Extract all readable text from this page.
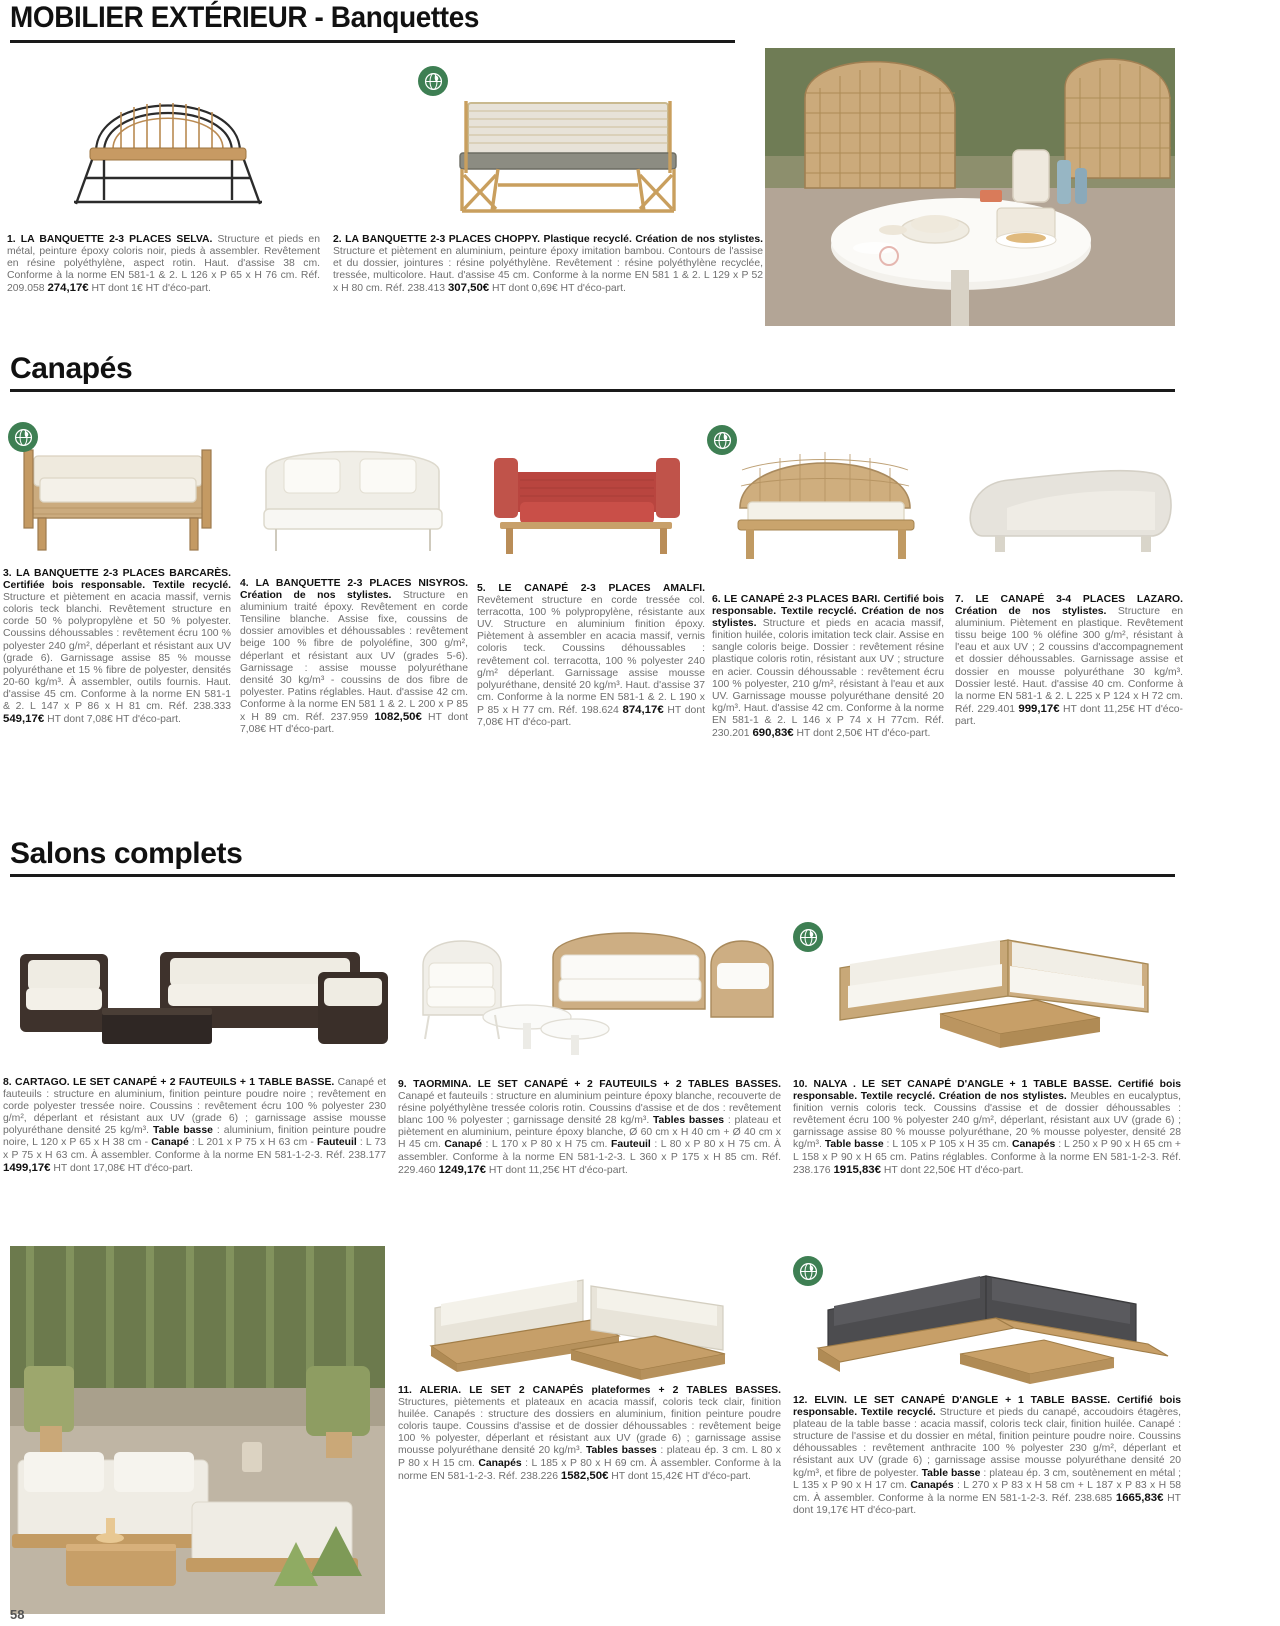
MOBILIER EXTÉRIEUR - Banquettes
1. LA BANQUETTE 2-3 PLACES SELVA. Structure et pieds en métal, peinture époxy coloris noir, pieds à assembler. Revêtement en résine polyéthylène, aspect rotin. Haut. d'assise 38 cm. Conforme à la norme EN 581-1 & 2. L 126 x P 65 x H 76 cm. Réf. 209.058 274,17€ HT dont 1€ HT d'éco-part.
2. LA BANQUETTE 2-3 PLACES CHOPPY. Plastique recyclé. Création de nos stylistes. Structure et piètement en aluminium, peinture époxy imitation bambou. Contours de l'assise et du dossier, jointures : résine polyéthylène. Revêtement : résine polyéthylène recyclée, tressée, multicolore. Haut. d'assise 45 cm. Conforme à la norme EN 581 1 & 2. L 129 x P 52 x H 80 cm. Réf. 238.413 307,50€ HT dont 0,69€ HT d'éco-part.
Canapés
3. LA BANQUETTE 2-3 PLACES BARCARÈS. Certifiée bois responsable. Textile recyclé. Structure et piètement en acacia massif, vernis coloris teck blanchi. Revêtement structure en corde 50 % polypropylène et 50 % polyester. Coussins déhoussables : revêtement écru 100 % polyester 240 g/m², déperlant et résistant aux UV (grade 6). Garnissage assise 85 % mousse polyuréthane et 15 % fibre de polyester, densités 20-60 kg/m³. À assembler, outils fournis. Haut. d'assise 45 cm. Conforme à la norme EN 581-1 & 2. L 147 x P 86 x H 81 cm. Réf. 238.333 549,17€ HT dont 7,08€ HT d'éco-part.
4. LA BANQUETTE 2-3 PLACES NISYROS. Création de nos stylistes. Structure en aluminium traité époxy. Revêtement en corde Tensiline blanche. Assise fixe, coussins de dossier amovibles et déhoussables : revêtement beige 100 % fibre de polyoléfine, 300 g/m², déperlant et résistant aux UV (grades 5-6). Garnissage : assise mousse polyuréthane densité 30 kg/m³ - coussins de dos fibre de polyester. Patins réglables. Haut. d'assise 42 cm. Conforme à la norme EN 581 1 & 2. L 200 x P 85 x H 89 cm. Réf. 237.959 1082,50€ HT dont 7,08€ HT d'éco-part.
5. LE CANAPÉ 2-3 PLACES AMALFI. Revêtement structure en corde tressée col. terracotta, 100 % polypropylène, résistante aux UV. Structure en aluminium finition époxy. Piètement à assembler en acacia massif, vernis coloris teck. Coussins déhoussables : revêtement col. terracotta, 100 % polyester 240 g/m² déperlant. Garnissage assise mousse polyuréthane, densité 20 kg/m³. Haut. d'assise 37 cm. Conforme à la norme EN 581-1 & 2. L 190 x P 85 x H 77 cm. Réf. 198.624 874,17€ HT dont 7,08€ HT d'éco-part.
6. LE CANAPÉ 2-3 PLACES BARI. Certifié bois responsable. Textile recyclé. Création de nos stylistes. Structure et pieds en acacia massif, finition huilée, coloris imitation teck clair. Assise en sangle coloris beige. Dossier : revêtement résine plastique coloris rotin, résistant aux UV ; structure en acier. Coussin déhoussable : revêtement écru 100 % polyester, 210 g/m², résistant à l'eau et aux UV. Garnissage mousse polyuréthane densité 20 kg/m³. Haut. d'assise 42 cm. Conforme à la norme EN 581-1 & 2. L 146 x P 74 x H 77cm. Réf. 230.201 690,83€ HT dont 2,50€ HT d'éco-part.
7. LE CANAPÉ 3-4 PLACES LAZARO. Création de nos stylistes. Structure en aluminium. Piètement en plastique. Revêtement tissu beige 100 % oléfine 300 g/m², résistant à l'eau et aux UV ; 2 coussins d'accompagnement et dossier déhoussables. Garnissage assise et dossier en mousse polyuréthane 30 kg/m³. Dossier lesté. Haut. d'assise 40 cm. Conforme à la norme EN 581-1 & 2. L 225 x P 124 x H 72 cm. Réf. 229.401 999,17€ HT dont 11,25€ HT d'éco-part.
Salons complets
8. CARTAGO. LE SET CANAPÉ + 2 FAUTEUILS + 1 TABLE BASSE. Canapé et fauteuils : structure en aluminium, finition peinture poudre noire ; revêtement en corde polyester tressée noire. Coussins : revêtement écru 100 % polyester 230 g/m², déperlant et résistant aux UV (grade 6) ; garnissage assise mousse polyuréthane densité 25 kg/m³. Table basse : aluminium, finition peinture poudre noire, L 120 x P 65 x H 38 cm - Canapé : L 201 x P 75 x H 63 cm - Fauteuil : L 73 x P 75 x H 63 cm. À assembler. Conforme à la norme EN 581-1-2-3. Réf. 238.177 1499,17€ HT dont 17,08€ HT d'éco-part.
9. TAORMINA. LE SET CANAPÉ + 2 FAUTEUILS + 2 TABLES BASSES. Canapé et fauteuils : structure en aluminium peinture époxy blanche, recouverte de résine polyéthylène tressée coloris rotin. Coussins d'assise et de dos : revêtement blanc 100 % polyester ; garnissage densité 28 kg/m³. Tables basses : plateau et piètement en aluminium, peinture époxy blanche, Ø 60 cm x H 40 cm + Ø 40 cm x H 45 cm. Canapé : L 170 x P 80 x H 75 cm. Fauteuil : L 80 x P 80 x H 75 cm. À assembler. Conforme à la norme EN 581-1-2-3. L 360 x P 175 x H 85 cm. Réf. 229.460 1249,17€ HT dont 11,25€ HT d'éco-part.
10. NALYA . LE SET CANAPÉ D'ANGLE + 1 TABLE BASSE. Certifié bois responsable. Textile recyclé. Création de nos stylistes. Meubles en eucalyptus, finition vernis coloris teck. Coussins d'assise et de dossier déhoussables : revêtement écru 100 % polyester 240 g/m², déperlant, résistant aux UV (grade 6) ; garnissage assise 80 % mousse polyuréthane, 20 % mousse polyester, densité 28 kg/m³. Table basse : L 105 x P 105 x H 35 cm. Canapés : L 250 x P 90 x H 65 cm + L 158 x P 90 x H 65 cm. Patins réglables. Conforme à la norme EN 581-1-2-3. Réf. 238.176 1915,83€ HT dont 22,50€ HT d'éco-part.
11. ALERIA. LE SET 2 CANAPÉS plateformes + 2 TABLES BASSES. Structures, piètements et plateaux en acacia massif, coloris teck clair, finition huilée. Canapés : structure des dossiers en aluminium, finition peinture poudre coloris taupe. Coussins d'assise et de dossier déhoussables : revêtement beige 100 % polyester, déperlant et résistant aux UV (grade 6) ; garnissage assise mousse polyuréthane densité 20 kg/m³. Tables basses : plateau ép. 3 cm. L 80 x P 80 x H 15 cm. Canapés : L 185 x P 80 x H 69 cm. À assembler. Conforme à la norme EN 581-1-2-3. Réf. 238.226 1582,50€ HT dont 15,42€ HT d'éco-part.
12. ELVIN. LE SET CANAPÉ D'ANGLE + 1 TABLE BASSE. Certifié bois responsable. Textile recyclé. Structure et pieds du canapé, accoudoirs étagères, plateau de la table basse : acacia massif, coloris teck clair, finition huilée. Canapé : structure de l'assise et du dossier en métal, finition peinture poudre noire. Coussins déhoussables : revêtement anthracite 100 % polyester 230 g/m², déperlant et résistant aux UV (grade 6) ; garnissage assise mousse polyuréthane densité 20 kg/m³, et fibre de polyester. Table basse : plateau ép. 3 cm, soutènement en métal ; L 135 x P 90 x H 17 cm. Canapés : L 270 x P 83 x H 58 cm + L 187 x P 83 x H 58 cm. À assembler. Conforme à la norme EN 581-1-2-3. Réf. 238.685 1665,83€ HT dont 19,17€ HT d'éco-part.
58
